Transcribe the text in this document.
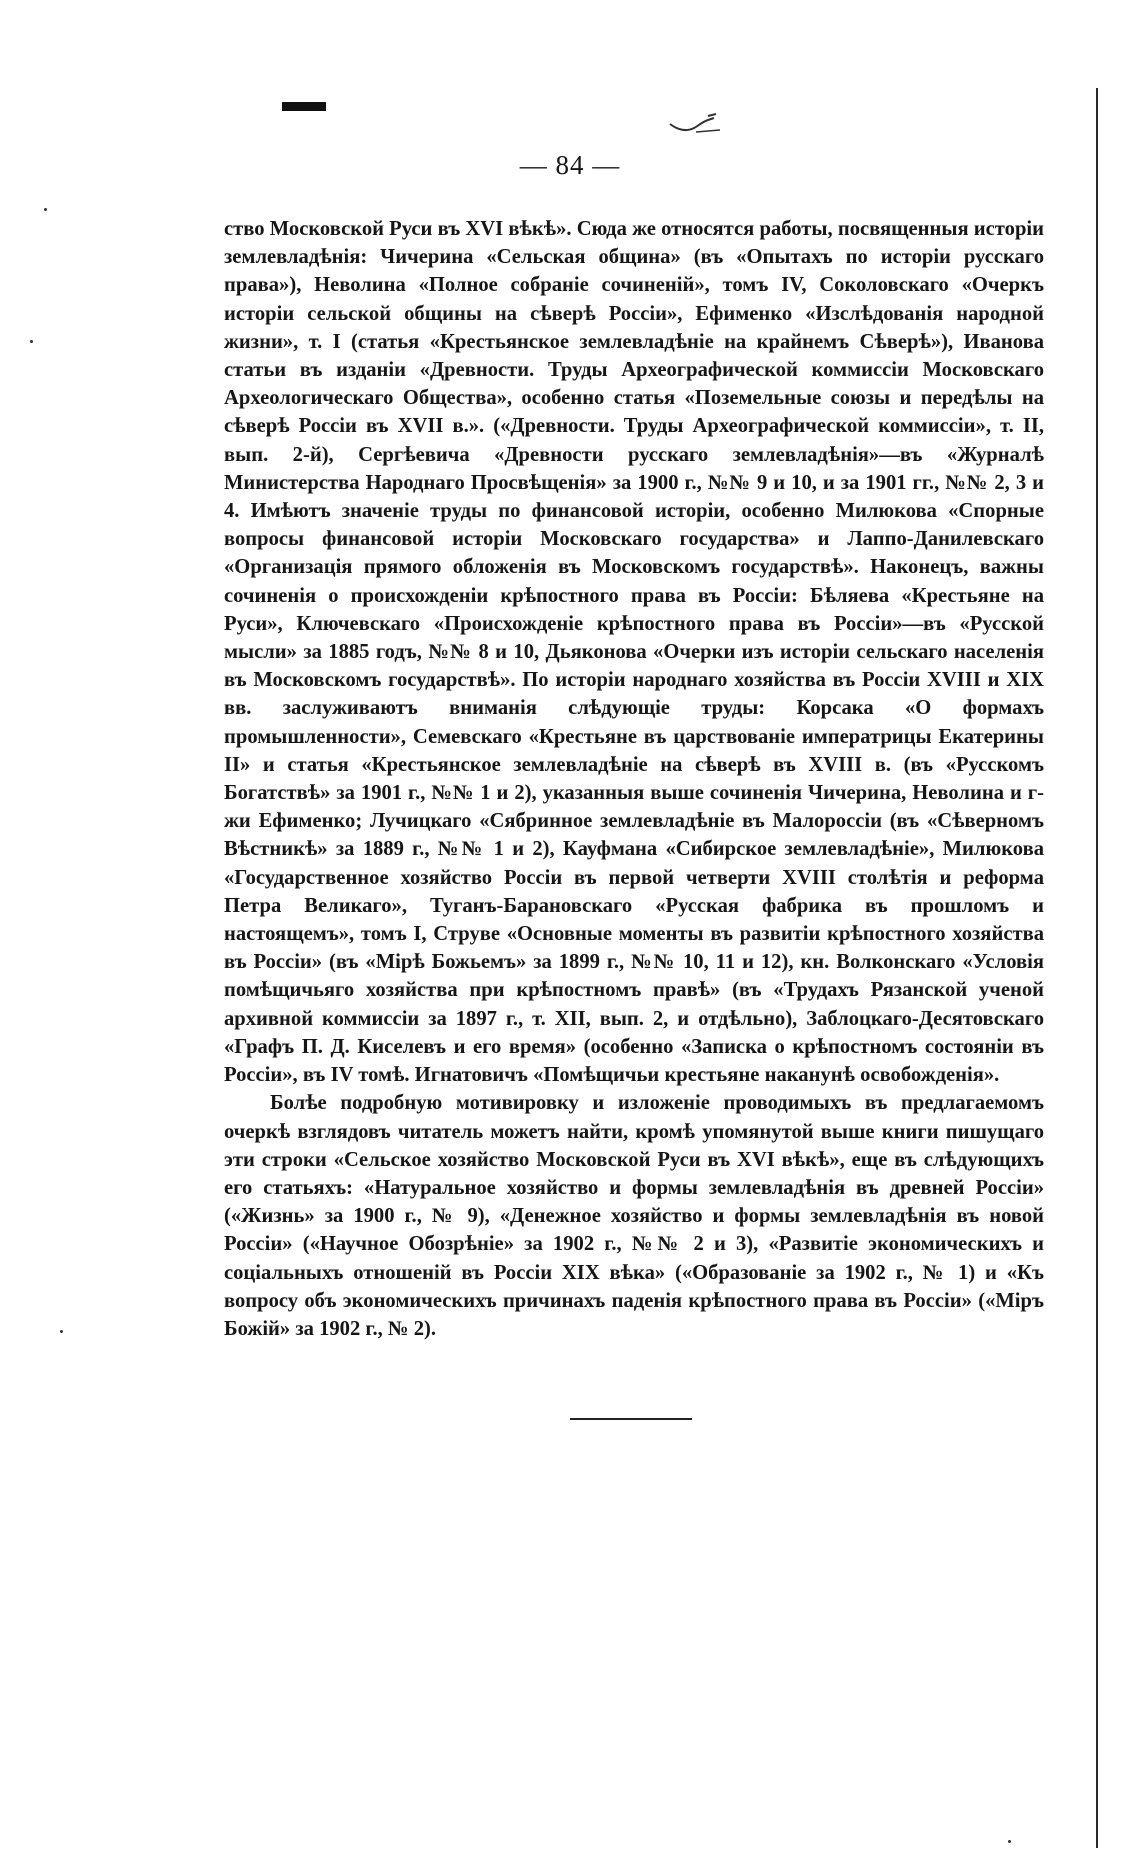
— 84 —

ство Московской Руси въ XVI вѣкѣ». Сюда же относятся работы, посвященныя исторіи землевладѣнія: Чичерина «Сельская община» (въ «Опытахъ по исторіи русскаго права»), Неволина «Полное собраніе сочиненій», томъ IV, Соколовскаго «Очеркъ исторіи сельской общины на сѣверѣ Россіи», Ефименко «Изслѣдованія народной жизни», т. I (статья «Крестьянское землевладѣніе на крайнемъ Сѣверѣ»), Иванова статьи въ изданіи «Древности. Труды Археографической коммиссіи Московскаго Археологическаго Общества», особенно статья «Поземельные союзы и передѣлы на сѣверѣ Россіи въ XVII в.». («Древности. Труды Археографической коммиссіи», т. II, вып. 2-й), Сергѣевича «Древности русскаго землевладѣнія»—въ «Журналѣ Министерства Народнаго Просвѣщенія» за 1900 г., №№ 9 и 10, и за 1901 гг., №№ 2, 3 и 4. Имѣютъ значеніе труды по финансовой исторіи, особенно Милюкова «Спорные вопросы финансовой исторіи Московскаго государства» и Лаппо-Данилевскаго «Организація прямого обложенія въ Московскомъ государствѣ». Наконецъ, важны сочиненія о происхожденіи крѣпостного права въ Россіи: Бѣляева «Крестьяне на Руси», Ключевскаго «Происхожденіе крѣпостного права въ Россіи»—въ «Русской мысли» за 1885 годъ, №№ 8 и 10, Дьяконова «Очерки изъ исторіи сельскаго населенія въ Московскомъ государствѣ». По исторіи народнаго хозяйства въ Россіи XVIII и XIX вв. заслуживаютъ вниманія слѣдующіе труды: Корсака «О формахъ промышленности», Семевскаго «Крестьяне въ царствованіе императрицы Екатерины II» и статья «Крестьянское землевладѣніе на сѣверѣ въ XVIII в. (въ «Русскомъ Богатствѣ» за 1901 г., №№ 1 и 2), указанныя выше сочиненія Чичерина, Неволина и г-жи Ефименко; Лучицкаго «Сябринное землевладѣніе въ Малороссіи (въ «Сѣверномъ Вѣстникѣ» за 1889 г., №№ 1 и 2), Кауфмана «Сибирское землевладѣніе», Милюкова «Государственное хозяйство Россіи въ первой четверти XVIII столѣтія и реформа Петра Великаго», Туганъ-Барановскаго «Русская фабрика въ прошломъ и настоящемъ», томъ I, Струве «Основные моменты въ развитіи крѣпостного хозяйства въ Россіи» (въ «Мірѣ Божьемъ» за 1899 г., №№ 10, 11 и 12), кн. Волконскаго «Условія помѣщичьяго хозяйства при крѣпостномъ правѣ» (въ «Трудахъ Рязанской ученой архивной коммиссіи за 1897 г., т. XII, вып. 2, и отдѣльно), Заблоцкаго-Десятовскаго «Графъ П. Д. Киселевъ и его время» (особенно «Записка о крѣпостномъ состояніи въ Россіи», въ IV томѣ. Игнатовичъ «Помѣщичьи крестьяне наканунѣ освобожденія».

Болѣе подробную мотивировку и изложеніе проводимыхъ въ предлагаемомъ очеркѣ взглядовъ читатель можетъ найти, кромѣ упомянутой выше книги пишущаго эти строки «Сельское хозяйство Московской Руси въ XVI вѣкѣ», еще въ слѣдующихъ его статьяхъ: «Натуральное хозяйство и формы землевладѣнія въ древней Россіи» («Жизнь» за 1900 г., № 9), «Денежное хозяйство и формы землевладѣнія въ новой Россіи» («Научное Обозрѣніе» за 1902 г., №№ 2 и 3), «Развитіе экономическихъ и соціальныхъ отношеній въ Россіи XIX вѣка» («Образованіе за 1902 г., № 1) и «Къ вопросу объ экономическихъ причинахъ паденія крѣпостного права въ Россіи» («Міръ Божій» за 1902 г., № 2).
